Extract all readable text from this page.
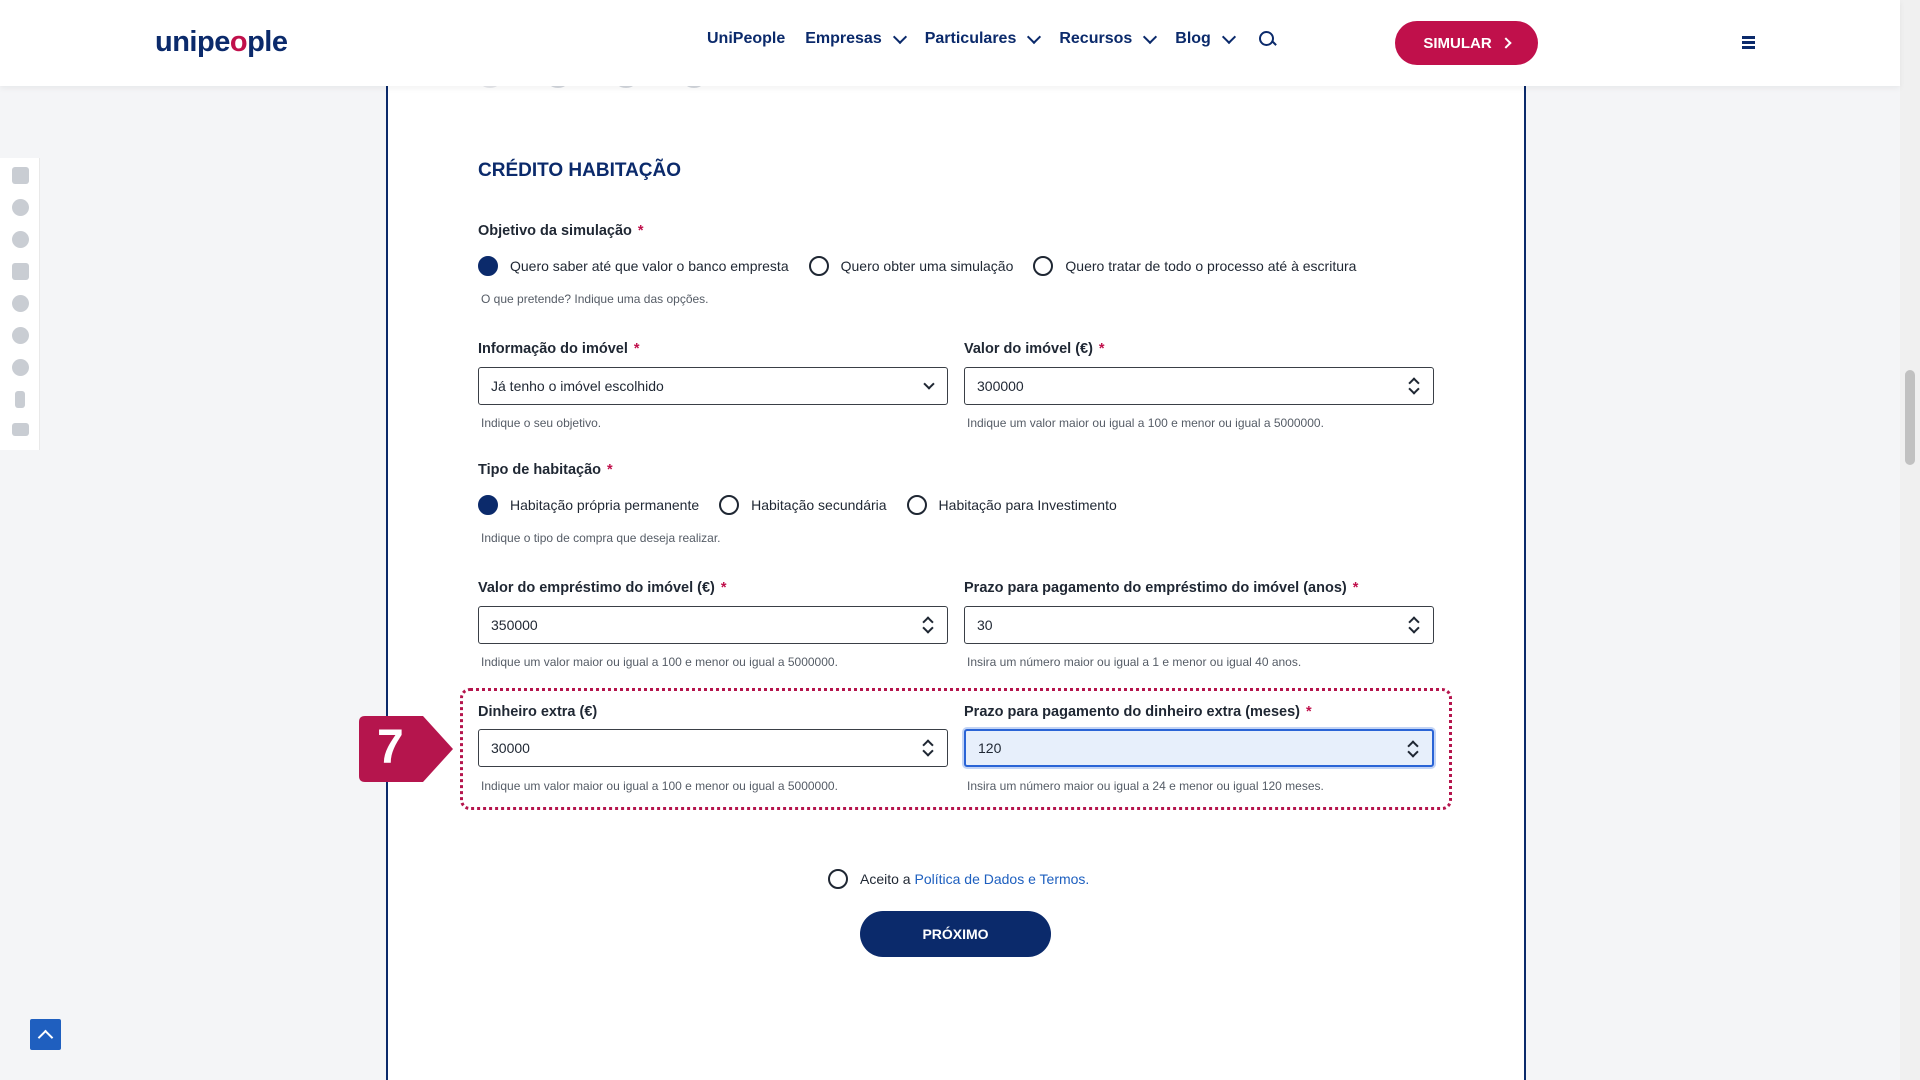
unipeople	UniPeople Empresas	Particulares	Recursos	Blog	SIMULAR
CRÉDITO HABITAÇÃO
Objetivo da simulação *
Quero saber até que valor o banco empresta	Quero obter uma simulação	Quero tratar de todo o processo até à escritura
O que pretende? Indique uma das opções.
Informação do imóvel *
Já tenho o imóvel escolhido
Indique o seu objetivo.
Valor do imóvel (€) *
300000
Indique um valor maior ou igual a 100 e menor ou igual a 5000000.
Tipo de habitação *
Habitação própria permanente	Habitação secundária	Habitação para Investimento
Indique o tipo de compra que deseja realizar.
Valor do empréstimo do imóvel (€) *
350000
Indique um valor maior ou igual a 100 e menor ou igual a 5000000.
Prazo para pagamento do empréstimo do imóvel (anos) *
30
Insira um número maior ou igual a 1 e menor ou igual 40 anos.
7
Dinheiro extra (€)
30000
Indique um valor maior ou igual a 100 e menor ou igual a 5000000.
Prazo para pagamento do dinheiro extra (meses) *
120
Insira um número maior ou igual a 24 e menor ou igual 120 meses.
Aceito a Política de Dados e Termos.
PRÓXIMO
